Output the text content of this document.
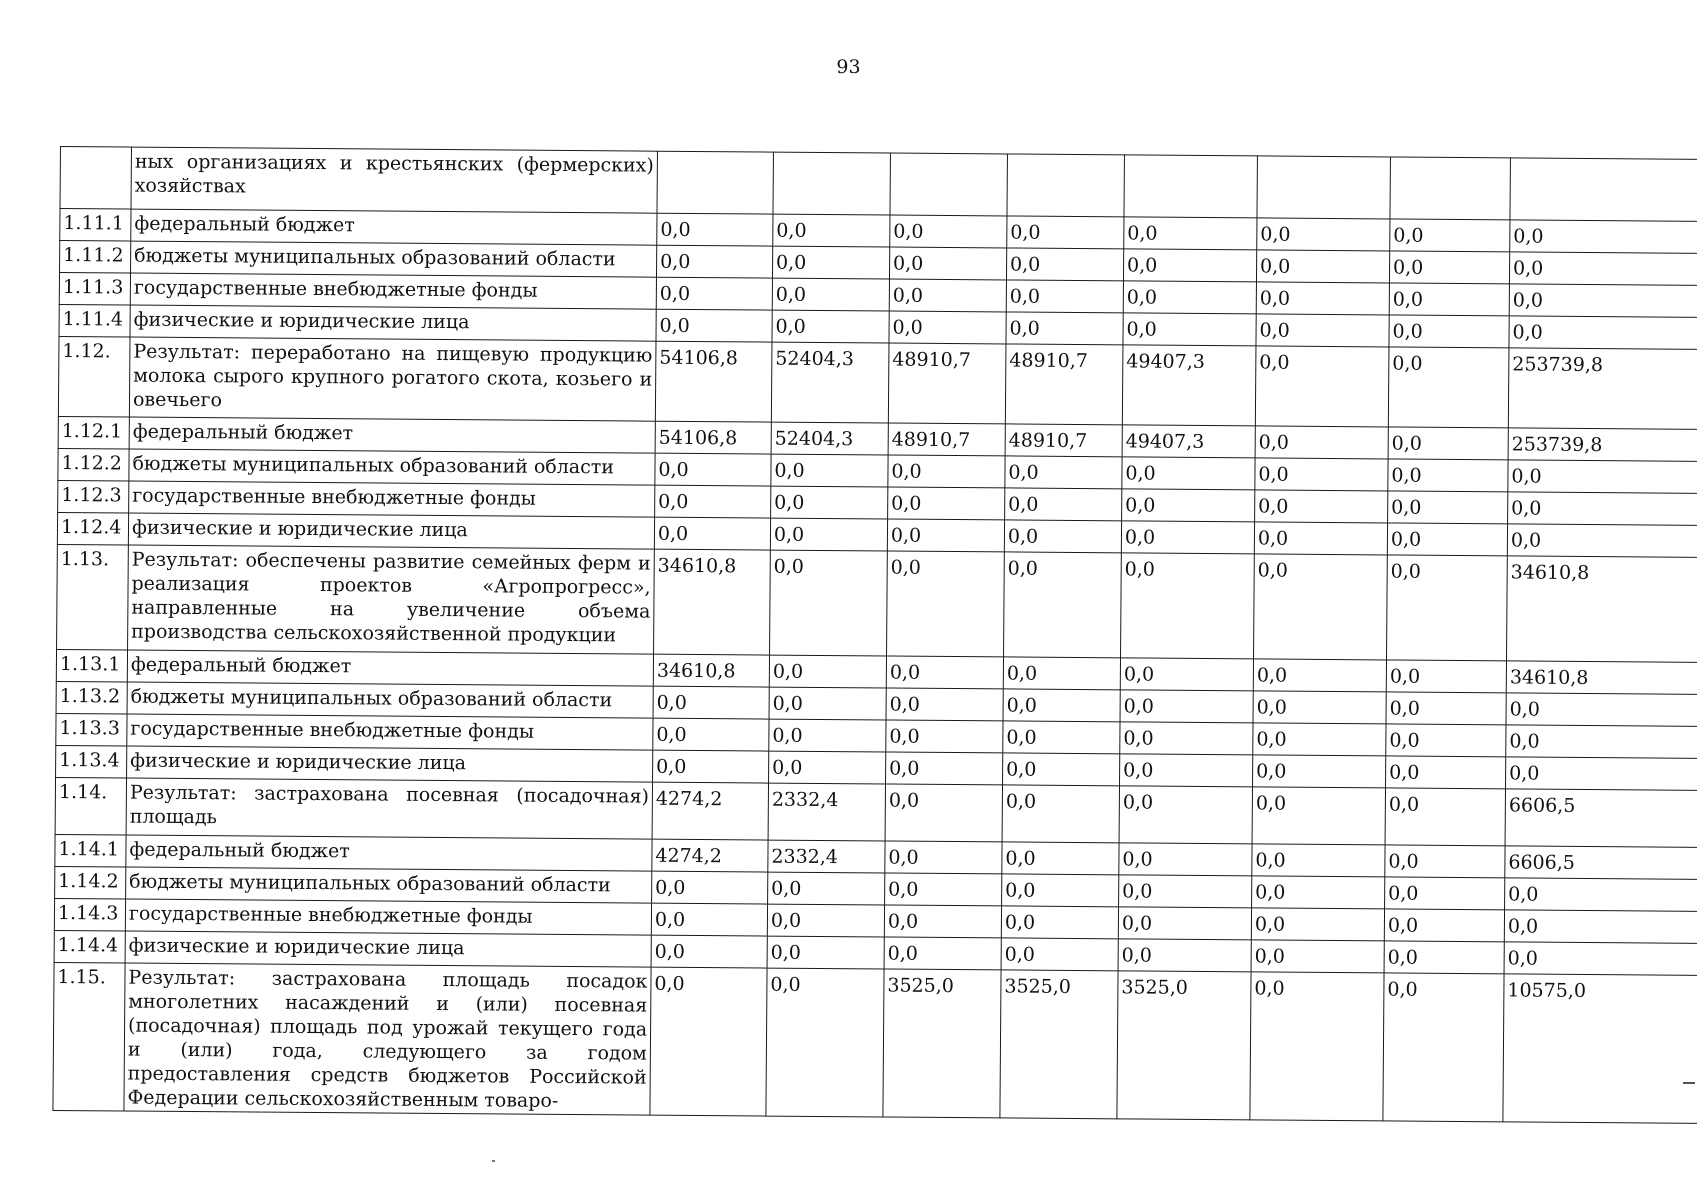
93
	ных организациях и крестьянских (фермерских) хозяйствах								
1.11.1	федеральный бюджет	0,0	0,0	0,0	0,0	0,0	0,0	0,0	0,0
1.11.2	бюджеты муниципальных образований области	0,0	0,0	0,0	0,0	0,0	0,0	0,0	0,0
1.11.3	государственные внебюджетные фонды	0,0	0,0	0,0	0,0	0,0	0,0	0,0	0,0
1.11.4	физические и юридические лица	0,0	0,0	0,0	0,0	0,0	0,0	0,0	0,0
1.12.	Результат: переработано на пищевую продукцию молока сырого крупного рогатого скота, козьего и овечьего	54106,8	52404,3	48910,7	48910,7	49407,3	0,0	0,0	253739,8
1.12.1	федеральный бюджет	54106,8	52404,3	48910,7	48910,7	49407,3	0,0	0,0	253739,8
1.12.2	бюджеты муниципальных образований области	0,0	0,0	0,0	0,0	0,0	0,0	0,0	0,0
1.12.3	государственные внебюджетные фонды	0,0	0,0	0,0	0,0	0,0	0,0	0,0	0,0
1.12.4	физические и юридические лица	0,0	0,0	0,0	0,0	0,0	0,0	0,0	0,0
1.13.	Результат: обеспечены развитие семейных ферм и реализация проектов «Агропрогресс», направленные на увеличение объема производства сельскохозяйственной продукции	34610,8	0,0	0,0	0,0	0,0	0,0	0,0	34610,8
1.13.1	федеральный бюджет	34610,8	0,0	0,0	0,0	0,0	0,0	0,0	34610,8
1.13.2	бюджеты муниципальных образований области	0,0	0,0	0,0	0,0	0,0	0,0	0,0	0,0
1.13.3	государственные внебюджетные фонды	0,0	0,0	0,0	0,0	0,0	0,0	0,0	0,0
1.13.4	физические и юридические лица	0,0	0,0	0,0	0,0	0,0	0,0	0,0	0,0
1.14.	Результат: застрахована посевная (посадочная) площадь	4274,2	2332,4	0,0	0,0	0,0	0,0	0,0	6606,5
1.14.1	федеральный бюджет	4274,2	2332,4	0,0	0,0	0,0	0,0	0,0	6606,5
1.14.2	бюджеты муниципальных образований области	0,0	0,0	0,0	0,0	0,0	0,0	0,0	0,0
1.14.3	государственные внебюджетные фонды	0,0	0,0	0,0	0,0	0,0	0,0	0,0	0,0
1.14.4	физические и юридические лица	0,0	0,0	0,0	0,0	0,0	0,0	0,0	0,0
1.15.	Результат: застрахована площадь посадок многолетних насаждений и (или) посевная (посадочная) площадь под урожай текущего года и (или) года, следующего за годом предоставления средств бюджетов Российской Федерации сельскохозяйственным товаро-	0,0	0,0	3525,0	3525,0	3525,0	0,0	0,0	10575,0
